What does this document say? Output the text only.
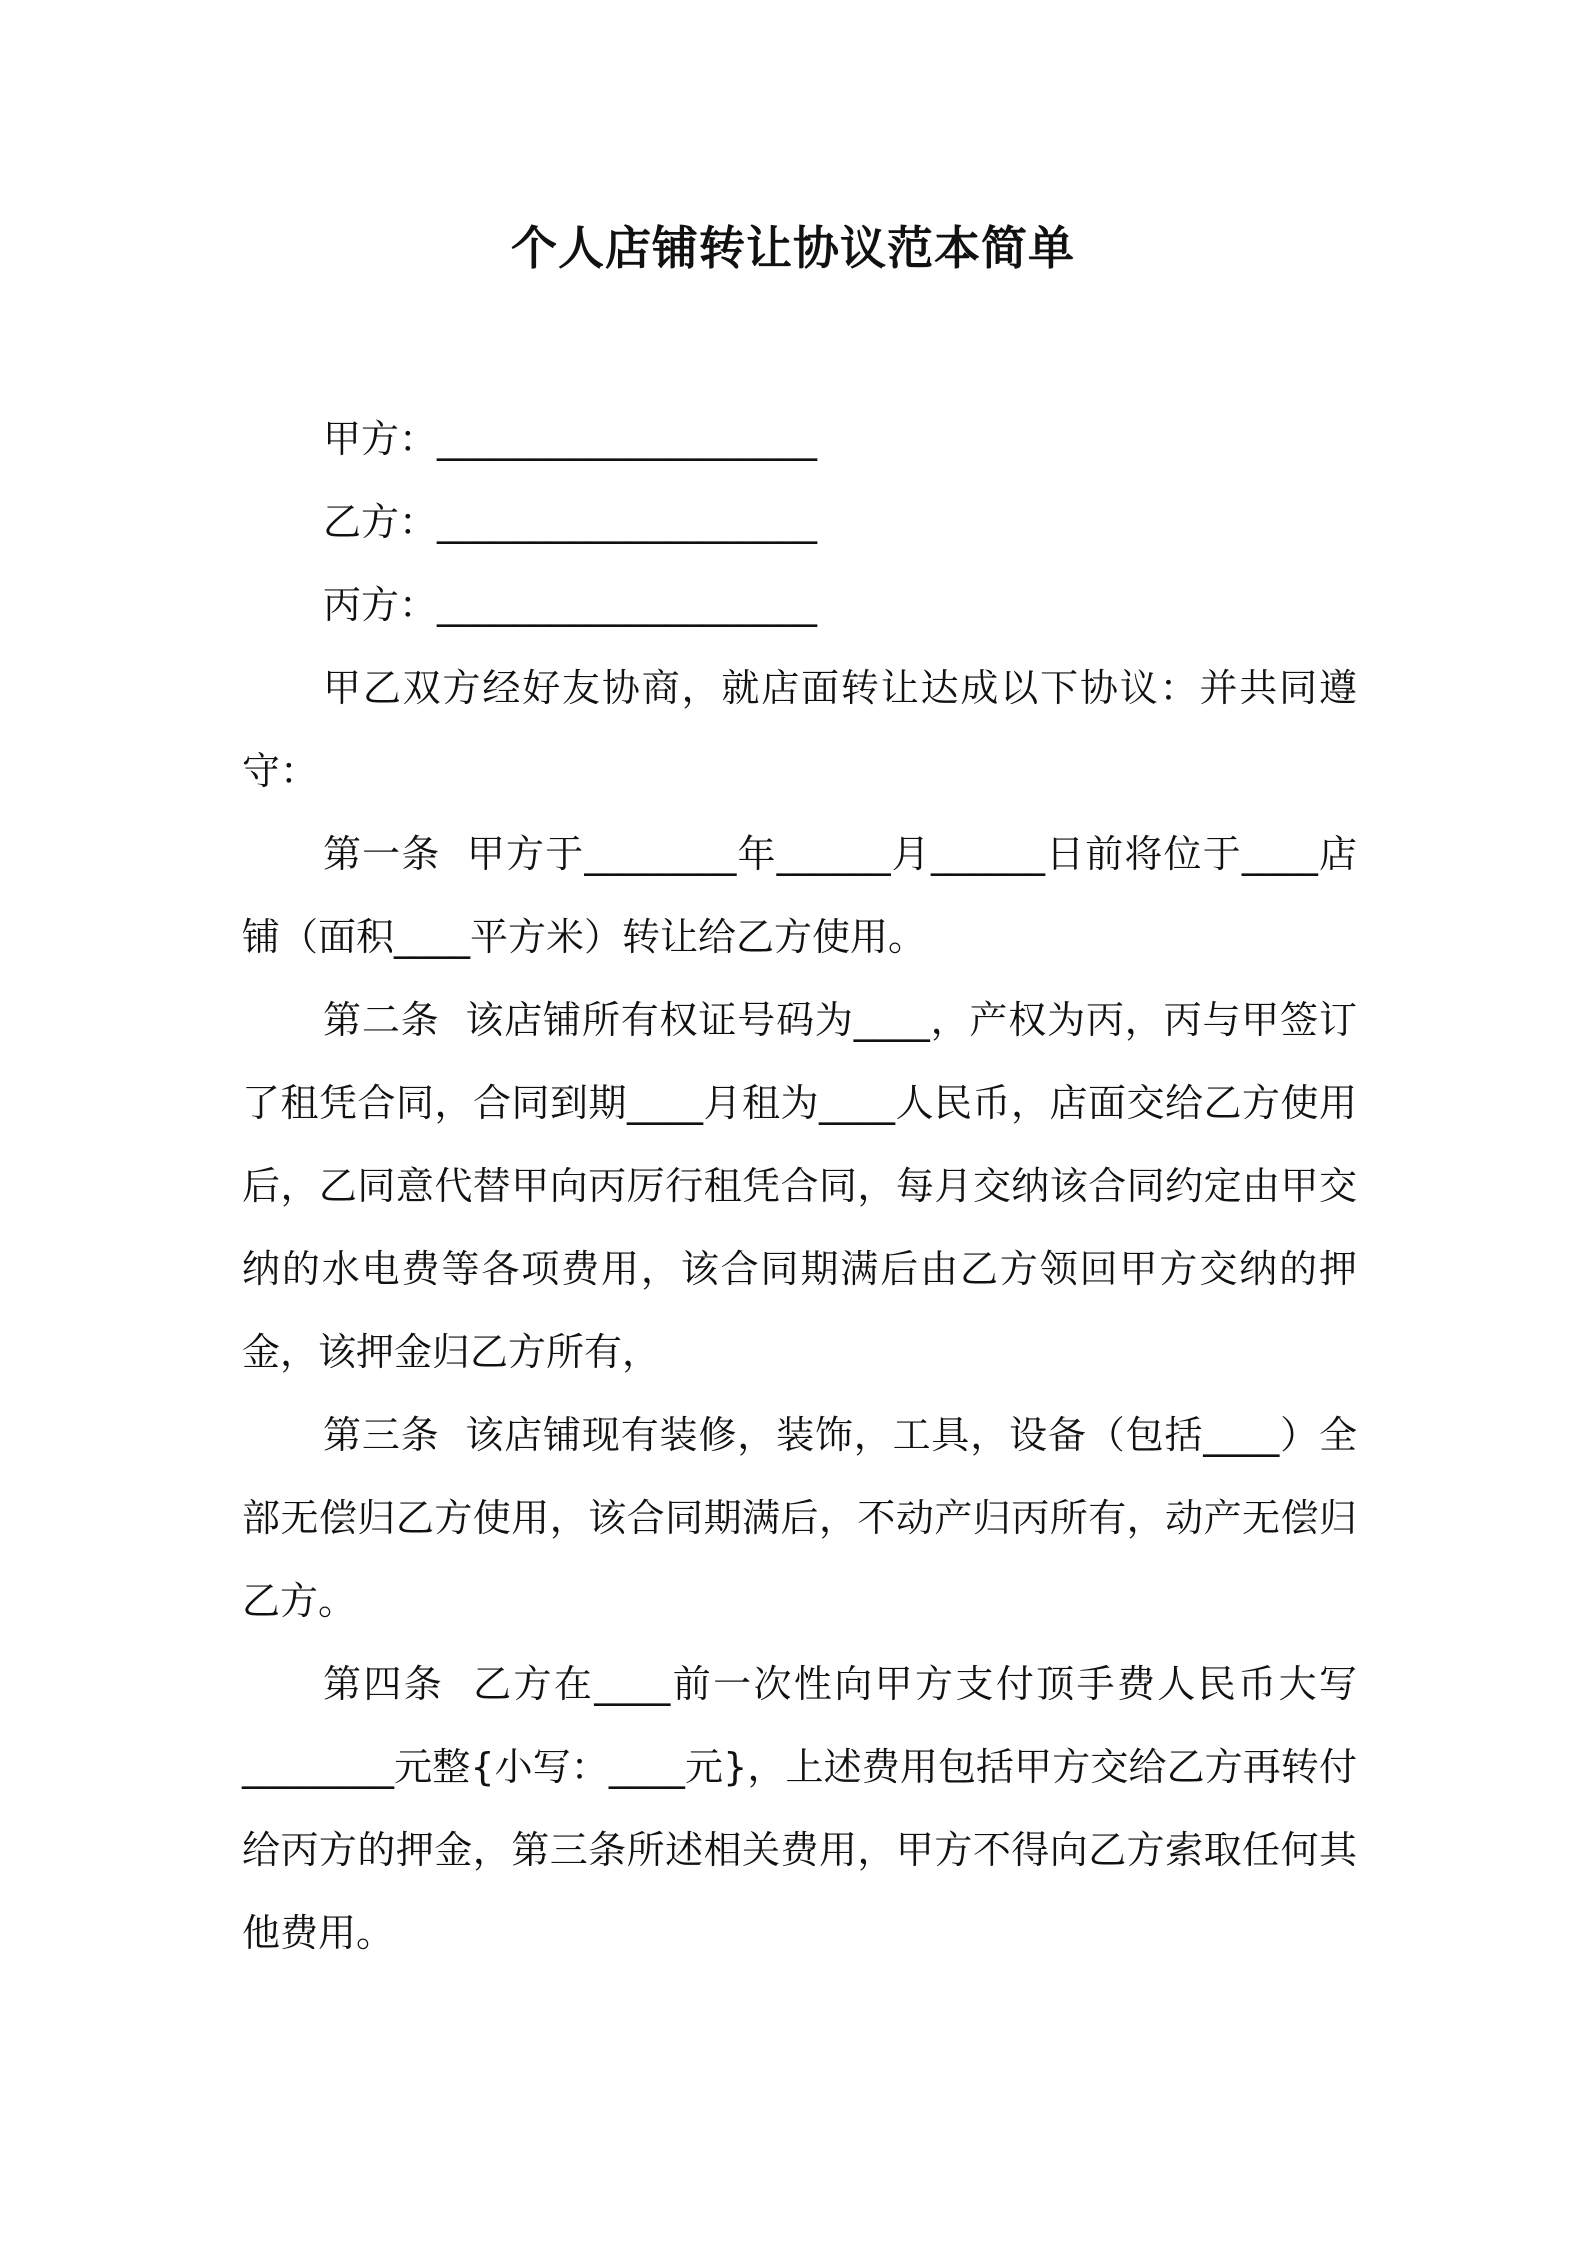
个人店铺转让协议范本简单

甲方：____________________

乙方：____________________

丙方：____________________

甲乙双方经好友协商，就店面转让达成以下协议：并共同遵守：

第一条  甲方于________年______月______日前将位于____店铺（面积____平方米）转让给乙方使用。

第二条  该店铺所有权证号码为____，产权为丙，丙与甲签订了租凭合同，合同到期____月租为____人民币，店面交给乙方使用后，乙同意代替甲向丙厉行租凭合同，每月交纳该合同约定由甲交纳的水电费等各项费用，该合同期满后由乙方领回甲方交纳的押金，该押金归乙方所有，

第三条  该店铺现有装修，装饰，工具，设备（包括____）全部无偿归乙方使用，该合同期满后，不动产归丙所有，动产无偿归乙方。

第四条  乙方在____前一次性向甲方支付顶手费人民币大写________元整{小写：____元}，上述费用包括甲方交给乙方再转付给丙方的押金，第三条所述相关费用，甲方不得向乙方索取任何其他费用。
